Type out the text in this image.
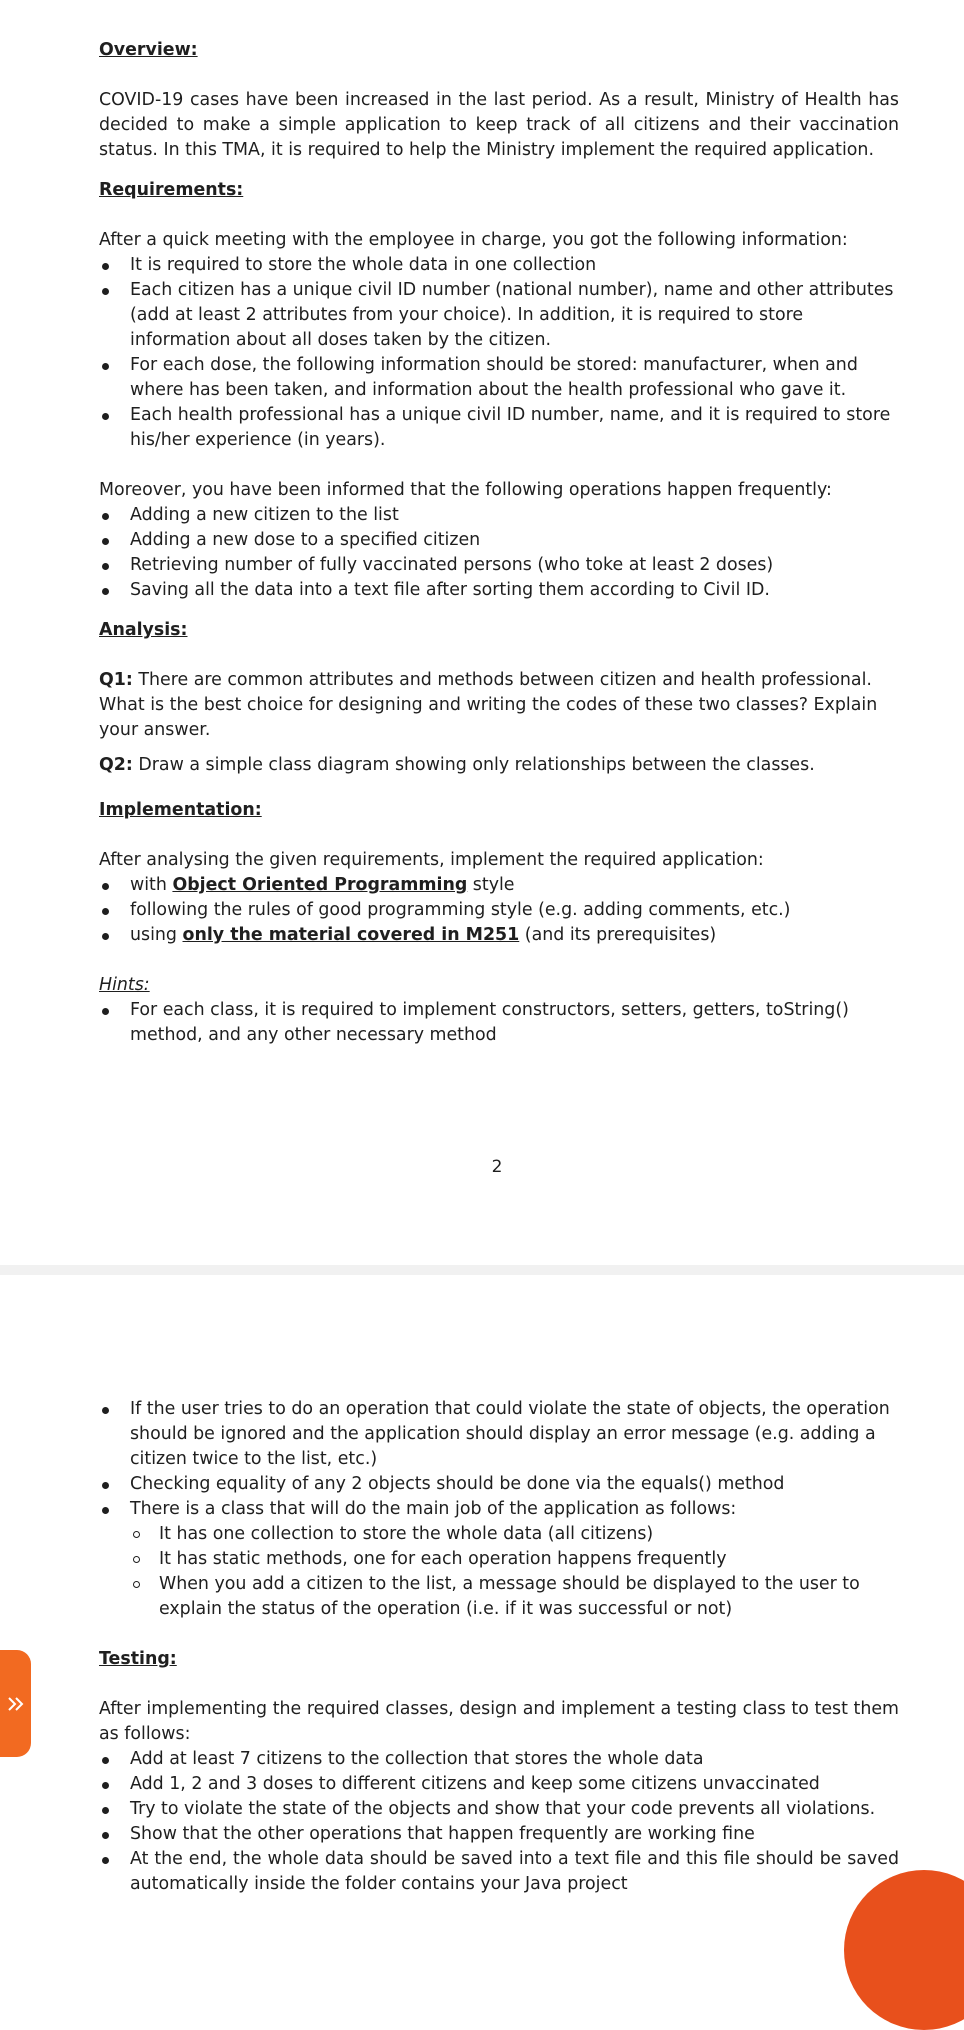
Overview:

COVID-19 cases have been increased in the last period. As a result, Ministry of Health has decided to make a simple application to keep track of all citizens and their vaccination status. In this TMA, it is required to help the Ministry implement the required application.

Requirements:

After a quick meeting with the employee in charge, you got the following information:

It is required to store the whole data in one collection
Each citizen has a unique civil ID number (national number), name and other attributes (add at least 2 attributes from your choice). In addition, it is required to store information about all doses taken by the citizen.
For each dose, the following information should be stored: manufacturer, when and where has been taken, and information about the health professional who gave it.
Each health professional has a unique civil ID number, name, and it is required to store his/her experience (in years).

Moreover, you have been informed that the following operations happen frequently:

Adding a new citizen to the list
Adding a new dose to a specified citizen
Retrieving number of fully vaccinated persons (who toke at least 2 doses)
Saving all the data into a text file after sorting them according to Civil ID.

Analysis:

Q1: There are common attributes and methods between citizen and health professional. What is the best choice for designing and writing the codes of these two classes? Explain your answer.

Q2: Draw a simple class diagram showing only relationships between the classes.

Implementation:

After analysing the given requirements, implement the required application:

with Object Oriented Programming style
following the rules of good programming style (e.g. adding comments, etc.)
using only the material covered in M251 (and its prerequisites)

Hints:

For each class, it is required to implement constructors, setters, getters, toString() method, and any other necessary method
2
If the user tries to do an operation that could violate the state of objects, the operation should be ignored and the application should display an error message (e.g. adding a citizen twice to the list, etc.)
Checking equality of any 2 objects should be done via the equals() method
There is a class that will do the main job of the application as follows:
It has one collection to store the whole data (all citizens)
It has static methods, one for each operation happens frequently
When you add a citizen to the list, a message should be displayed to the user to explain the status of the operation (i.e. if it was successful or not)

Testing:

After implementing the required classes, design and implement a testing class to test them as follows:

Add at least 7 citizens to the collection that stores the whole data
Add 1, 2 and 3 doses to different citizens and keep some citizens unvaccinated
Try to violate the state of the objects and show that your code prevents all violations.
Show that the other operations that happen frequently are working fine
At the end, the whole data should be saved into a text file and this file should be saved automatically inside the folder contains your Java project
